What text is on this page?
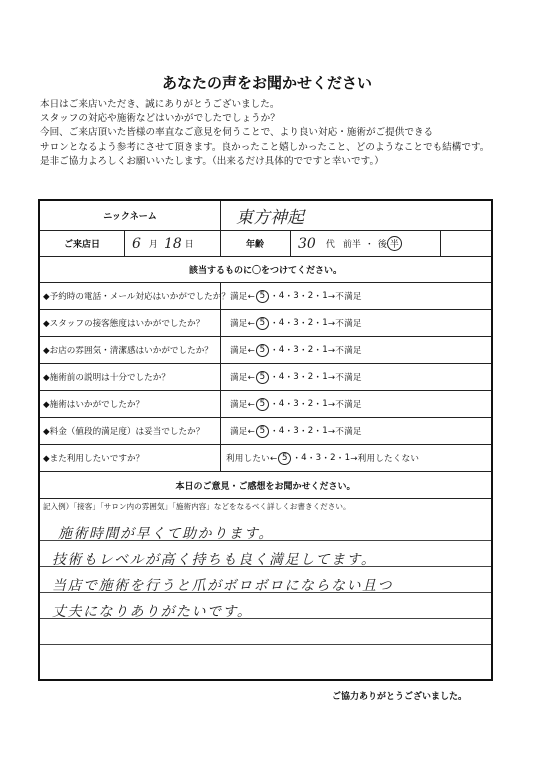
あなたの声をお聞かせください
本日はご来店いただき、誠にありがとうございました。
スタッフの対応や施術などはいかがでしたでしょうか？
今回、ご来店頂いた皆様の率直なご意見を伺うことで、より良い対応・施術がご提供できる
サロンとなるよう参考にさせて頂きます。良かったこと嬉しかったこと、どのようなことでも結構です。
是非ご協力よろしくお願いいたします。（出来るだけ具体的でですと幸いです。）
ニックネーム	東方神起
ご来店日	6 月 18 日	年齢	30 代 前半 ・ 後 半
該当するものに〇をつけてください。
◆予約時の電話・メール対応はいかがでしたか？ 満足← 5 ・ 4 ・ 3 ・ 2 ・ 1 →不満足
◆スタッフの接客態度はいかがでしたか？	満足← 5 ・ 4 ・ 3 ・ 2 ・ 1 →不満足
◆お店の雰囲気・清潔感はいかがでしたか？ 満足← 5 ・ 4 ・ 3 ・ 2 ・ 1 →不満足
◆施術前の説明は十分でしたか？	満足← 5 ・ 4 ・ 3 ・ 2 ・ 1 →不満足
◆施術はいかがでしたか？	満足← 5 ・ 4 ・ 3 ・ 2 ・ 1 →不満足
◆料金（値段的満足度）は妥当でしたか？	満足← 5 ・ 4 ・ 3 ・ 2 ・ 1 →不満足
◆また利用したいですか？	利用したい← 5 ・ 4 ・ 3 ・ 2 ・ 1 →利用したくない
本日のご意見・ご感想をお聞かせください。
記入例）「接客」「サロン内の雰囲気」「施術内容」などをなるべく詳しくお書きください。
施術時間が早くて助かります。
技術もレベルが高く持ちも良く満足してます。
当店で施術を行うと爪がボロボロにならない且つ
丈夫になりありがたいです。
ご協力ありがとうございました。
